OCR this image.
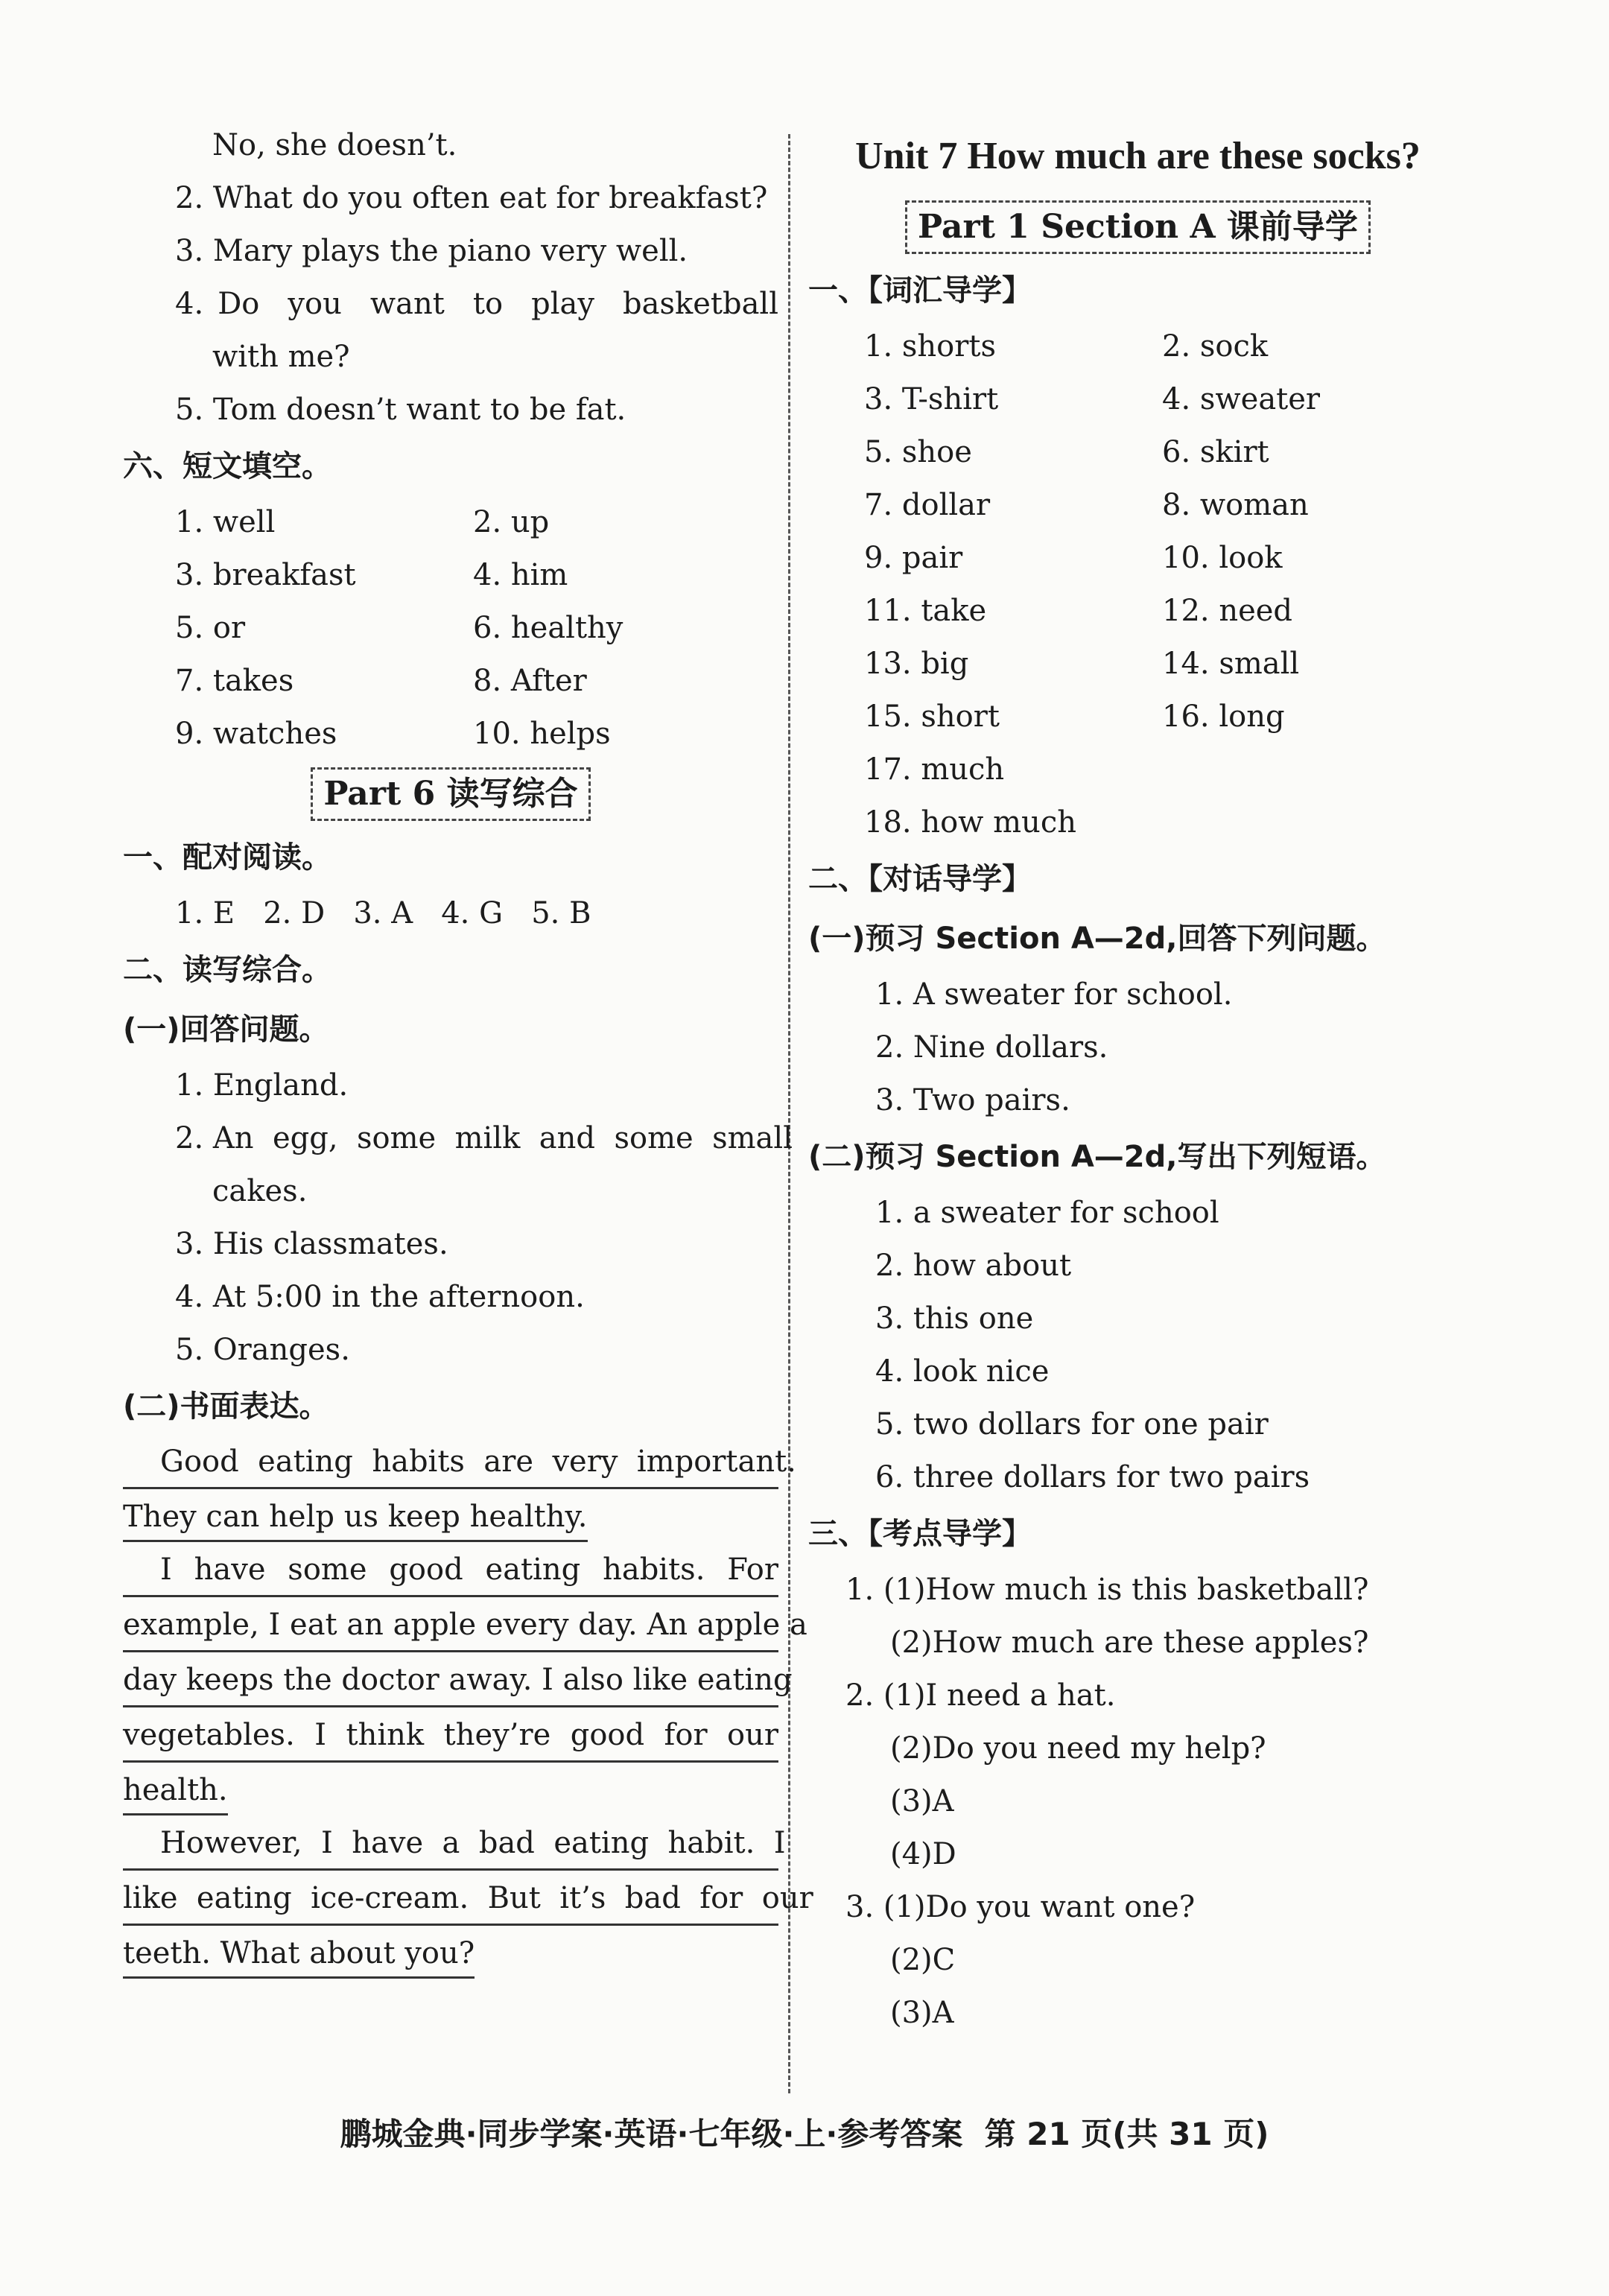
No, she doesn’t.
2. What do you often eat for breakfast?
3. Mary plays the piano very well.
4. Do  you  want  to  play  basketball
with me?
5. Tom doesn’t want to be fat.
六、短文填空。
1. well	2. up
3. breakfast	4. him
5. or	6. healthy
7. takes	8. After
9. watches	10. helps
Part 6 读写综合
一、配对阅读。
1. E   2. D   3. A   4. G   5. B
二、读写综合。
(一)回答问题。
1. England.
2. An  egg,  some  milk  and  some  small
cakes.
3. His classmates.
4. At 5:00 in the afternoon.
5. Oranges.
(二)书面表达。
Good  eating  habits  are  very  important.
They can help us keep healthy.
I  have  some  good  eating  habits.  For
example, I eat an apple every day. An apple a
day keeps the doctor away. I also like eating
vegetables.  I  think  they’re  good  for  our
health.
However,  I  have  a  bad  eating  habit.  I
like  eating  ice-cream.  But  it’s  bad  for  our
teeth. What about you?
Unit 7 How much are these socks?
Part 1 Section A 课前导学
一、【词汇导学】
1. shorts	2. sock
3. T-shirt	4. sweater
5. shoe	6. skirt
7. dollar	8. woman
9. pair	10. look
11. take	12. need
13. big	14. small
15. short	16. long
17. much
18. how much
二、【对话导学】
(一)预习 Section A—2d,回答下列问题。
1. A sweater for school.
2. Nine dollars.
3. Two pairs.
(二)预习 Section A—2d,写出下列短语。
1. a sweater for school
2. how about
3. this one
4. look nice
5. two dollars for one pair
6. three dollars for two pairs
三、【考点导学】
1. (1)How much is this basketball?
(2)How much are these apples?
2. (1)I need a hat.
(2)Do you need my help?
(3)A
(4)D
3. (1)Do you want one?
(2)C
(3)A
鹏城金典·同步学案·英语·七年级·上·参考答案  第 21 页(共 31 页)
